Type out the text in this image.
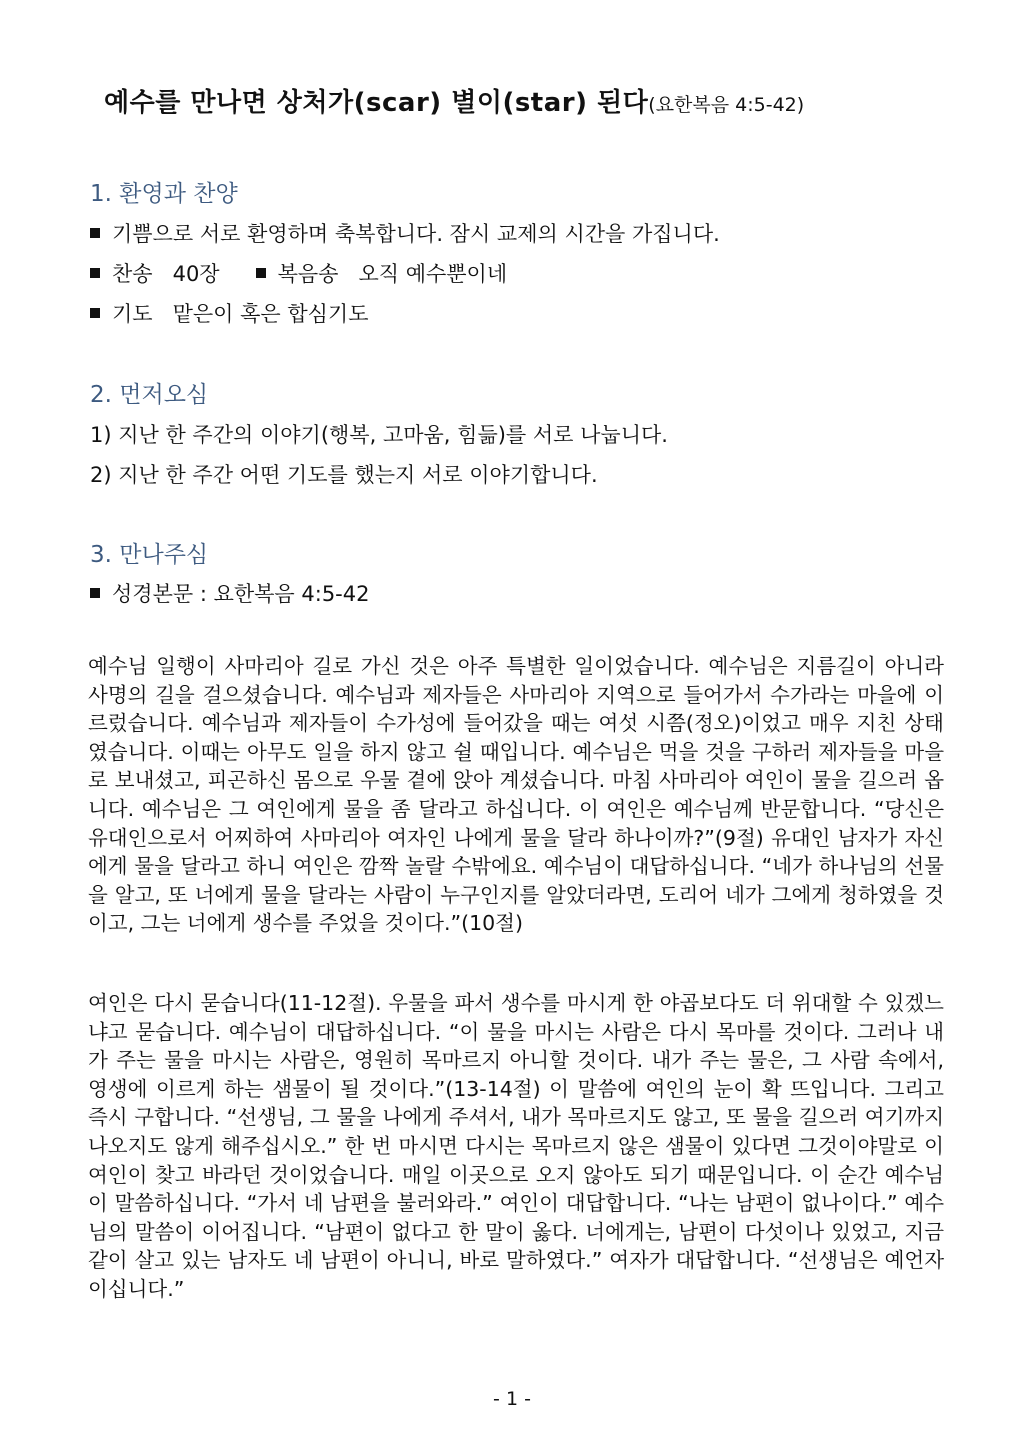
예수를 만나면 상처가(scar) 별이(star) 된다(요한복음 4:5-42)
1. 환영과 찬양
기쁨으로 서로 환영하며 축복합니다. 잠시 교제의 시간을 가집니다.
찬송 40장	복음송 오직 예수뿐이네
기도 맡은이 혹은 합심기도
2. 먼저오심
1) 지난 한 주간의 이야기(행복, 고마움, 힘듦)를 서로 나눕니다.
2) 지난 한 주간 어떤 기도를 했는지 서로 이야기합니다.
3. 만나주심
성경본문 : 요한복음 4:5-42

예수님 일행이 사마리아 길로 가신 것은 아주 특별한 일이었습니다. 예수님은 지름길이 아니라 사명의 길을 걸으셨습니다. 예수님과 제자들은 사마리아 지역으로 들어가서 수가라는 마을에 이르렀습니다. 예수님과 제자들이 수가성에 들어갔을 때는 여섯 시쯤(정오)이었고 매우 지친 상태였습니다. 이때는 아무도 일을 하지 않고 쉴 때입니다. 예수님은 먹을 것을 구하러 제자들을 마을로 보내셨고, 피곤하신 몸으로 우물 곁에 앉아 계셨습니다. 마침 사마리아 여인이 물을 길으러 옵니다. 예수님은 그 여인에게 물을 좀 달라고 하십니다. 이 여인은 예수님께 반문합니다. “당신은 유대인으로서 어찌하여 사마리아 여자인 나에게 물을 달라 하나이까?”(9절) 유대인 남자가 자신에게 물을 달라고 하니 여인은 깜짝 놀랄 수밖에요. 예수님이 대답하십니다. “네가 하나님의 선물을 알고, 또 너에게 물을 달라는 사람이 누구인지를 알았더라면, 도리어 네가 그에게 청하였을 것이고, 그는 너에게 생수를 주었을 것이다.”(10절)

여인은 다시 묻습니다(11-12절). 우물을 파서 생수를 마시게 한 야곱보다도 더 위대할 수 있겠느냐고 묻습니다. 예수님이 대답하십니다. “이 물을 마시는 사람은 다시 목마를 것이다. 그러나 내가 주는 물을 마시는 사람은, 영원히 목마르지 아니할 것이다. 내가 주는 물은, 그 사람 속에서, 영생에 이르게 하는 샘물이 될 것이다.”(13-14절) 이 말씀에 여인의 눈이 확 뜨입니다. 그리고 즉시 구합니다. “선생님, 그 물을 나에게 주셔서, 내가 목마르지도 않고, 또 물을 길으러 여기까지 나오지도 않게 해주십시오.” 한 번 마시면 다시는 목마르지 않은 샘물이 있다면 그것이야말로 이 여인이 찾고 바라던 것이었습니다. 매일 이곳으로 오지 않아도 되기 때문입니다. 이 순간 예수님이 말씀하십니다. “가서 네 남편을 불러와라.” 여인이 대답합니다. “나는 남편이 없나이다.” 예수님의 말씀이 이어집니다. “남편이 없다고 한 말이 옳다. 너에게는, 남편이 다섯이나 있었고, 지금 같이 살고 있는 남자도 네 남편이 아니니, 바로 말하였다.” 여자가 대답합니다. “선생님은 예언자이십니다.”

- 1 -
